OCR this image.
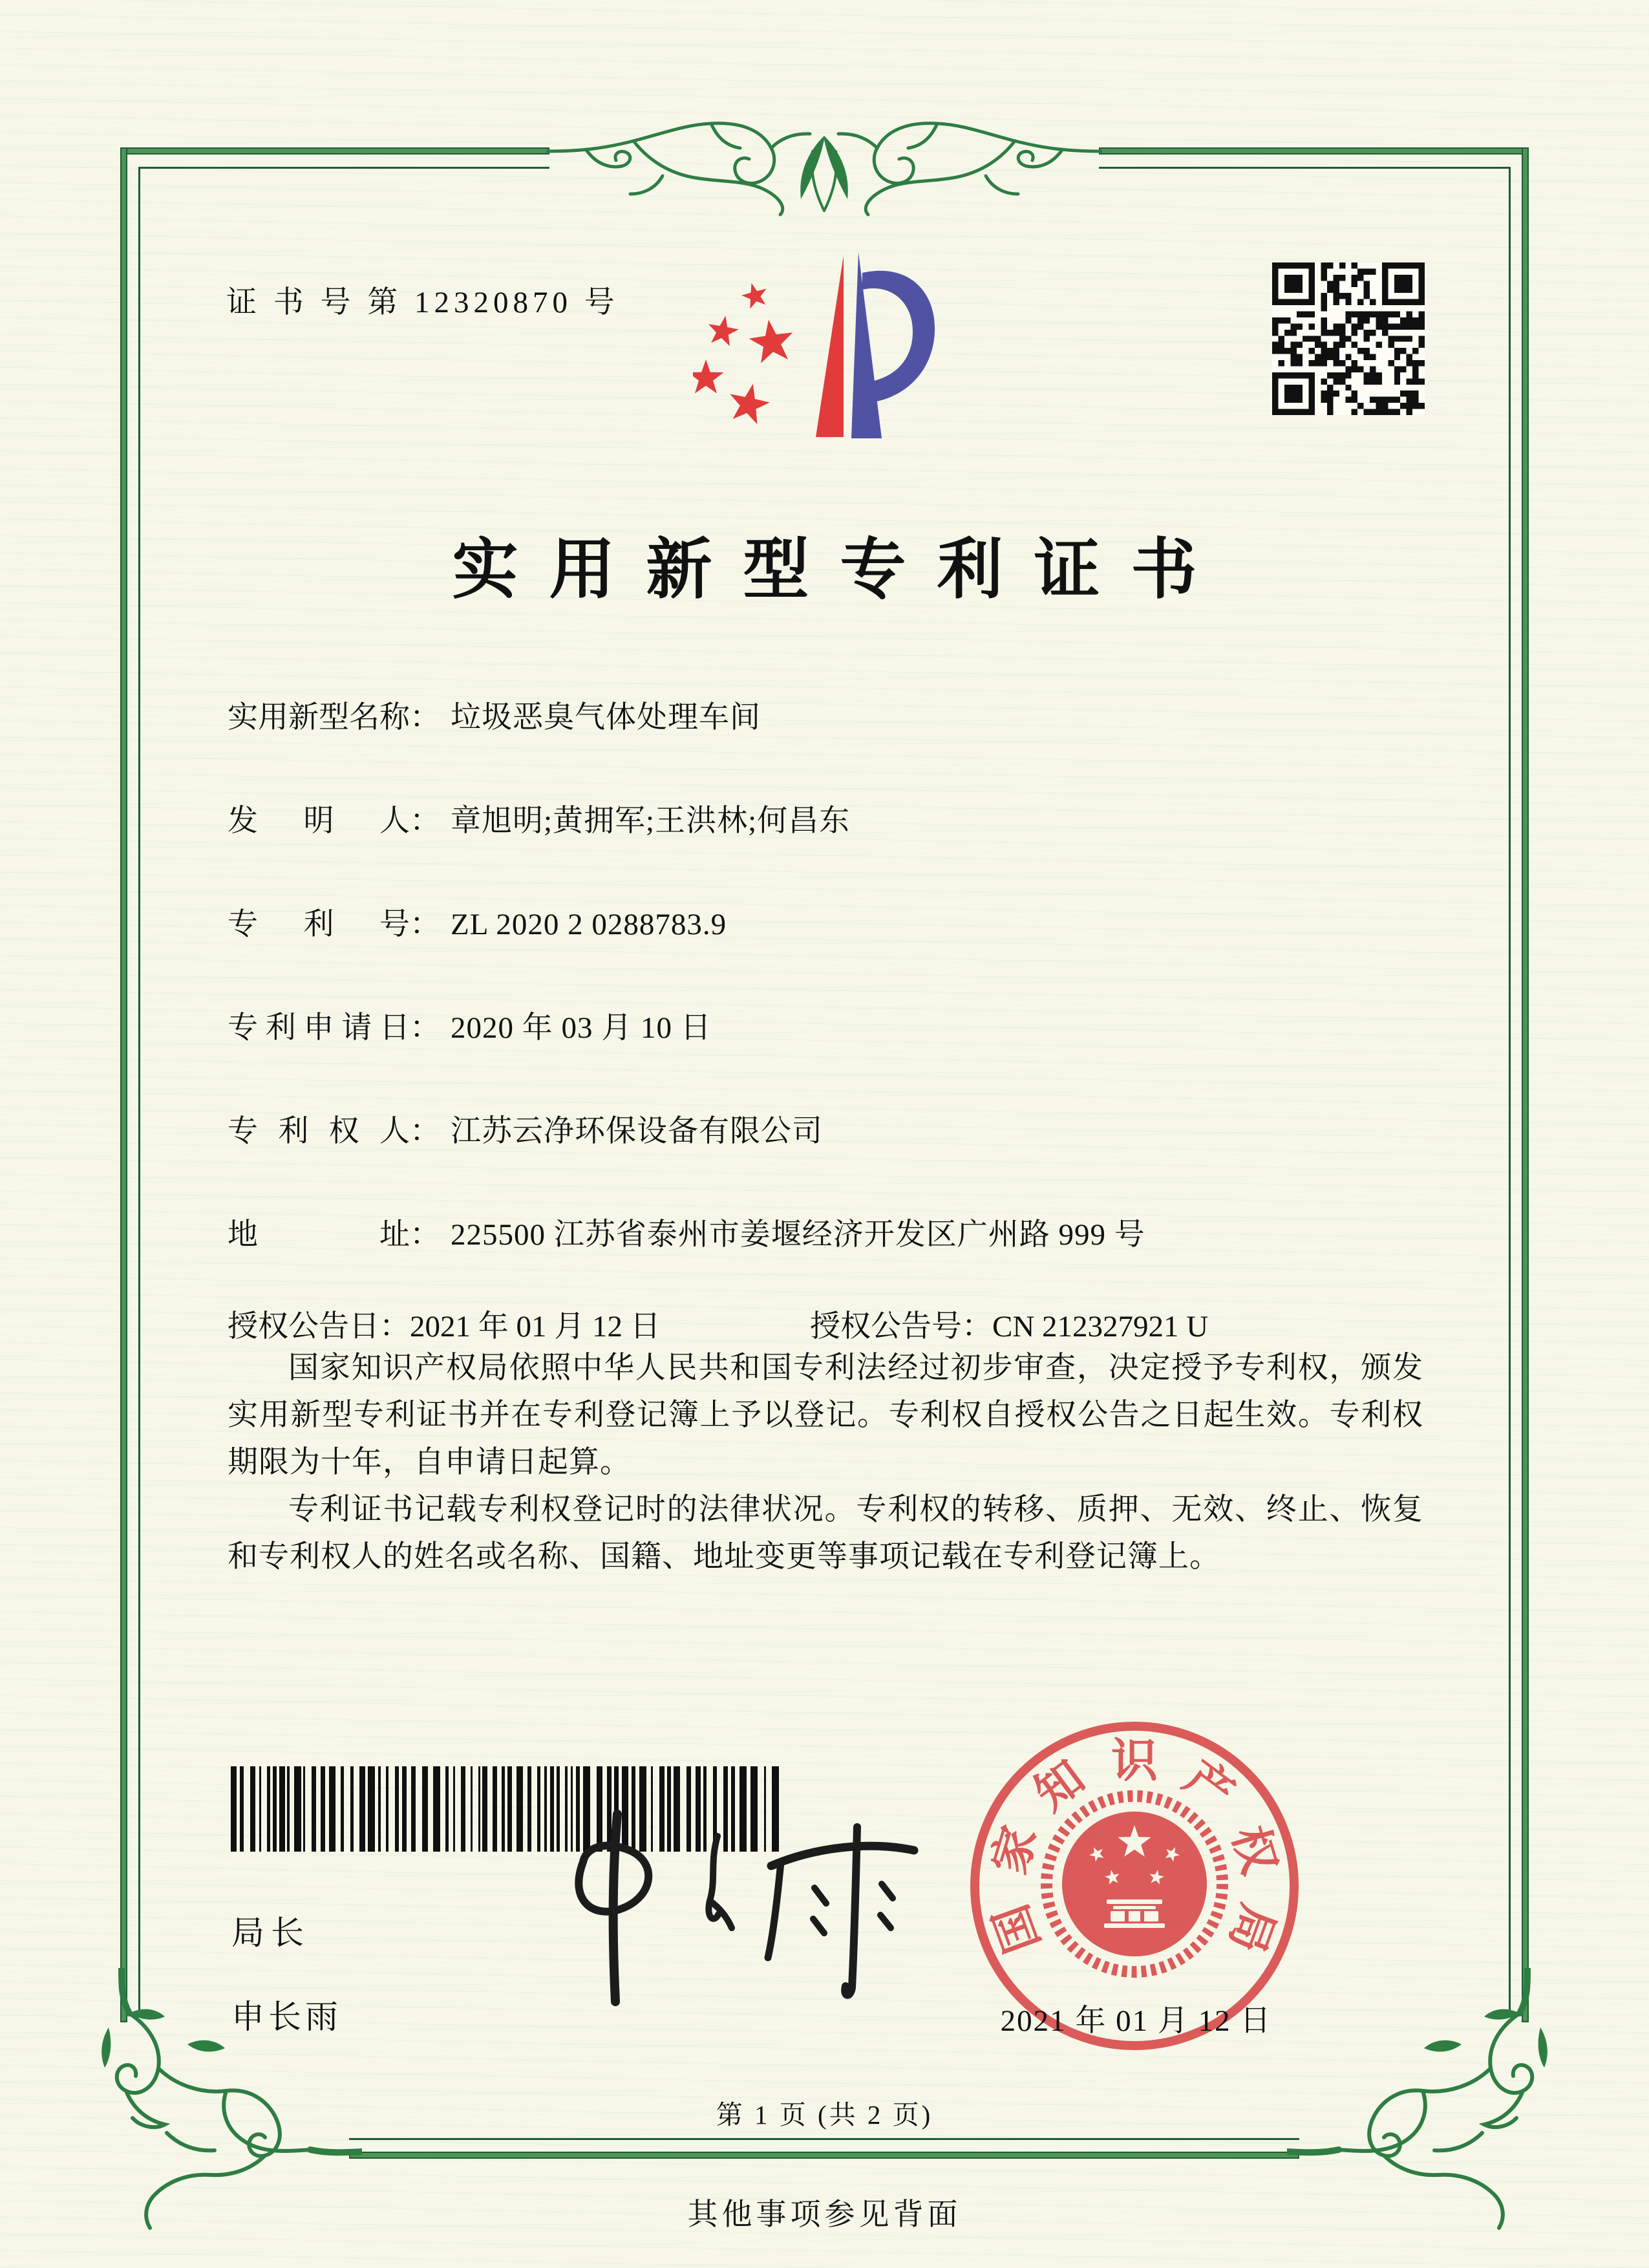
证 书 号 第 12320870 号
实用新型专利证书
实用新型名称： 垃圾恶臭气体处理车间
发明人： 章旭明;黄拥军;王洪林;何昌东
专利号： ZL 2020 2 0288783.9
专利申请日： 2020 年 03 月 10 日
专利权人： 江苏云净环保设备有限公司
地址： 225500 江苏省泰州市姜堰经济开发区广州路 999 号
授权公告日：2021 年 01 月 12 日	授权公告号：CN 212327921 U

国家知识产权局依照中华人民共和国专利法经过初步审查，决定授予专利权，颁发实用新型专利证书并在专利登记簿上予以登记。专利权自授权公告之日起生效。专利权期限为十年，自申请日起算。

专利证书记载专利权登记时的法律状况。专利权的转移、质押、无效、终止、恢复和专利权人的姓名或名称、国籍、地址变更等事项记载在专利登记簿上。

局长
申长雨
国
家
知 识 产
权
局
2021 年 01 月 12 日
第 1 页 (共 2 页)
其他事项参见背面
